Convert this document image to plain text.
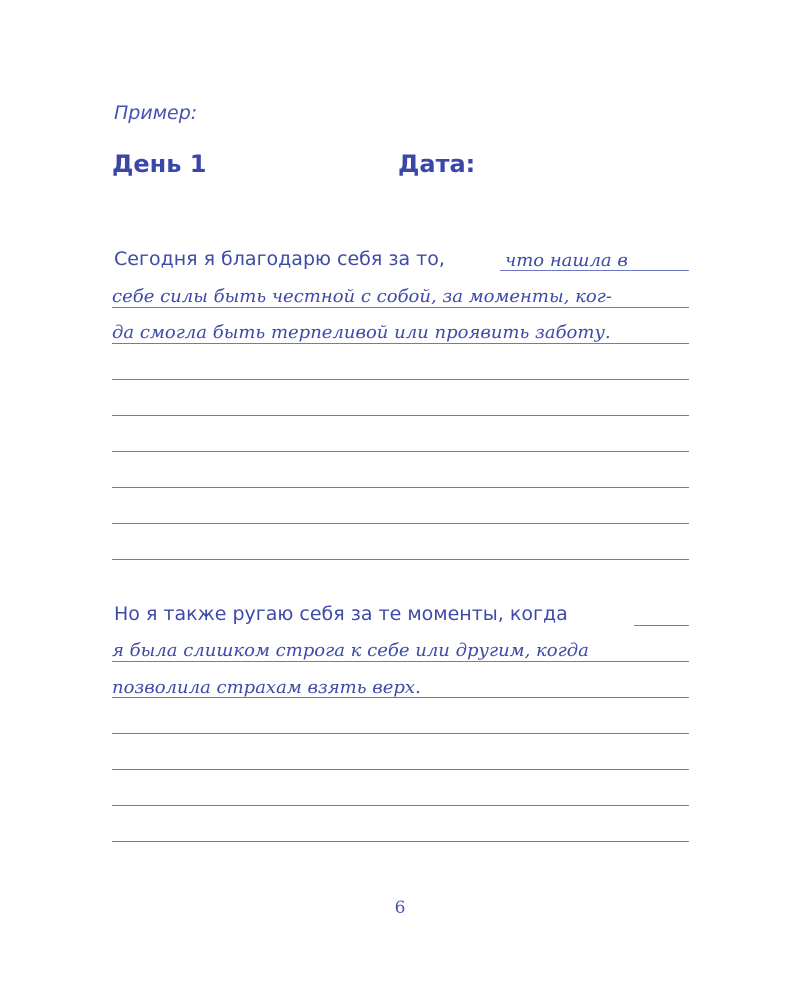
Пример:
День 1	Дата:
Сегодня я благодарю себя за то,	что нашла в
себе силы быть честной с собой, за моменты, ког-
да смогла быть терпеливой или проявить заботу.
Но я также ругаю себя за те моменты, когда
я была слишком строга к себе или другим, когда
позволила страхам взять верх.
6
